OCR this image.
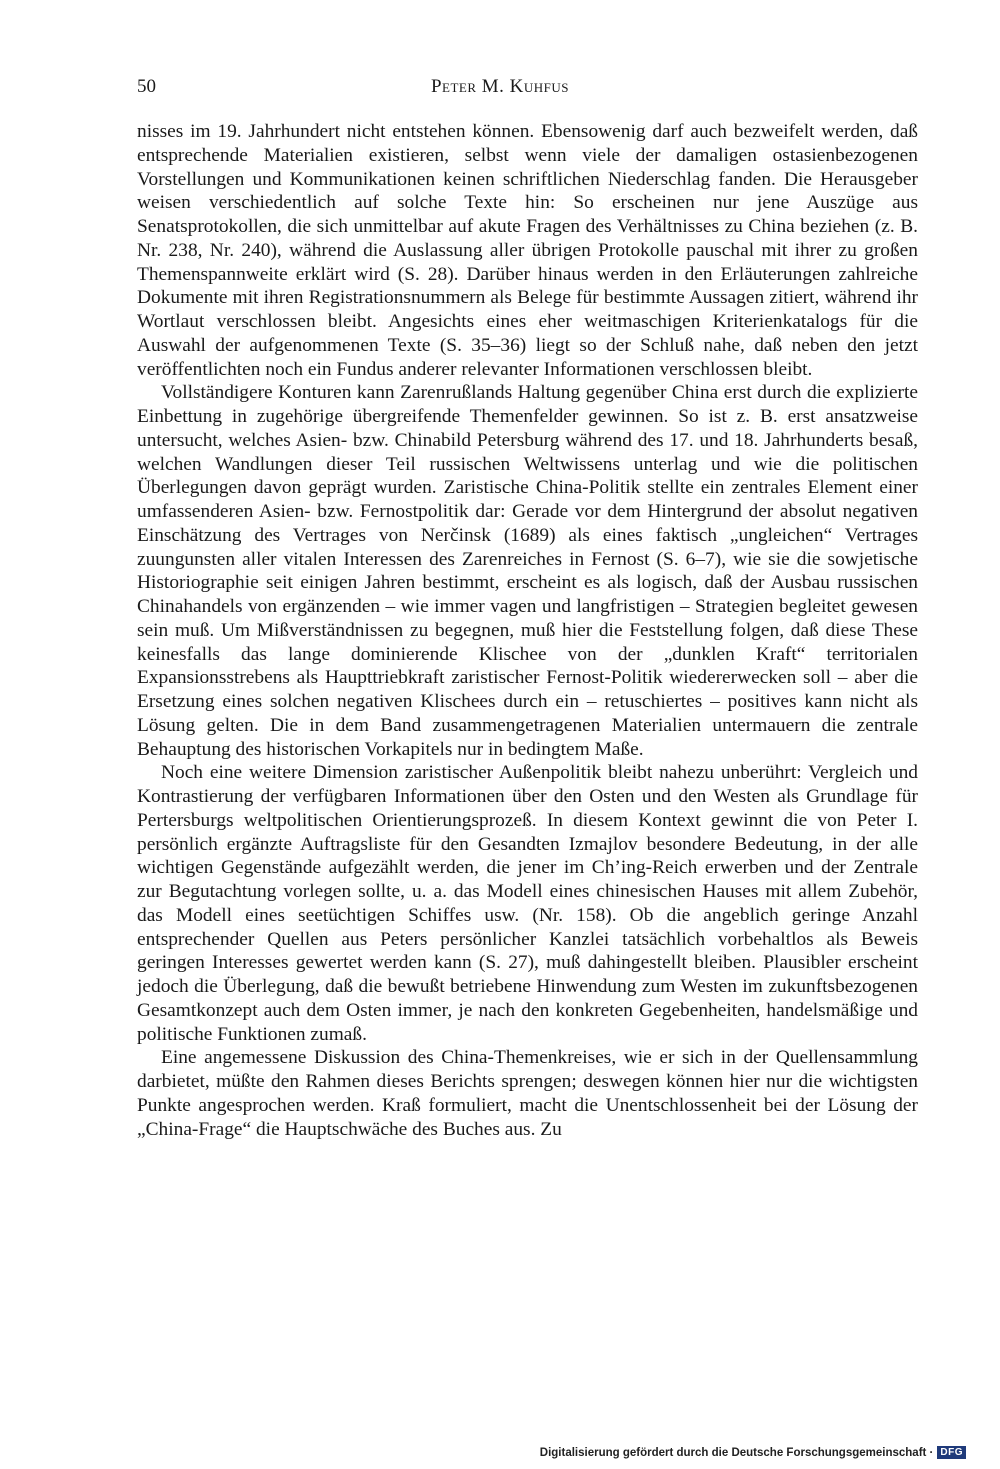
50	Peter M. Kuhfus

nisses im 19. Jahrhundert nicht entstehen können. Ebensowenig darf auch bezweifelt werden, daß entsprechende Materialien existieren, selbst wenn viele der damaligen ostasienbezogenen Vorstellungen und Kommunikationen keinen schriftlichen Niederschlag fanden. Die Herausgeber weisen verschiedentlich auf solche Texte hin: So erscheinen nur jene Auszüge aus Senatsprotokollen, die sich unmittelbar auf akute Fragen des Verhältnisses zu China beziehen (z. B. Nr. 238, Nr. 240), während die Auslassung aller übrigen Protokolle pauschal mit ihrer zu großen Themenspannweite erklärt wird (S. 28). Darüber hinaus werden in den Erläuterungen zahlreiche Dokumente mit ihren Registrationsnummern als Belege für bestimmte Aussagen zitiert, während ihr Wortlaut verschlossen bleibt. Angesichts eines eher weitmaschigen Kriterienkatalogs für die Auswahl der aufgenommenen Texte (S. 35–36) liegt so der Schluß nahe, daß neben den jetzt veröffentlichten noch ein Fundus anderer relevanter Informationen verschlossen bleibt.

Vollständigere Konturen kann Zarenrußlands Haltung gegenüber China erst durch die explizierte Einbettung in zugehörige übergreifende Themenfelder gewinnen. So ist z. B. erst ansatzweise untersucht, welches Asien- bzw. Chinabild Petersburg während des 17. und 18. Jahrhunderts besaß, welchen Wandlungen dieser Teil russischen Weltwissens unterlag und wie die politischen Überlegungen davon geprägt wurden. Zaristische China-Politik stellte ein zentrales Element einer umfassenderen Asien- bzw. Fernostpolitik dar: Gerade vor dem Hintergrund der absolut negativen Einschätzung des Vertrages von Nerčinsk (1689) als eines faktisch „ungleichen“ Vertrages zuungunsten aller vitalen Interessen des Zarenreiches in Fernost (S. 6–7), wie sie die sowjetische Historiographie seit einigen Jahren bestimmt, erscheint es als logisch, daß der Ausbau russischen Chinahandels von ergänzenden – wie immer vagen und langfristigen – Strategien begleitet gewesen sein muß. Um Mißverständnissen zu begegnen, muß hier die Feststellung folgen, daß diese These keinesfalls das lange dominierende Klischee von der „dunklen Kraft“ territorialen Expansionsstrebens als Haupttriebkraft zaristischer Fernost-Politik wiedererwecken soll – aber die Ersetzung eines solchen negativen Klischees durch ein – retuschiertes – positives kann nicht als Lösung gelten. Die in dem Band zusammengetragenen Materialien untermauern die zentrale Behauptung des historischen Vorkapitels nur in bedingtem Maße.

Noch eine weitere Dimension zaristischer Außenpolitik bleibt nahezu unberührt: Vergleich und Kontrastierung der verfügbaren Informationen über den Osten und den Westen als Grundlage für Pertersburgs weltpolitischen Orientierungsprozeß. In diesem Kontext gewinnt die von Peter I. persönlich ergänzte Auftragsliste für den Gesandten Izmajlov besondere Bedeutung, in der alle wichtigen Gegenstände aufgezählt werden, die jener im Ch’ing-Reich erwerben und der Zentrale zur Begutachtung vorlegen sollte, u. a. das Modell eines chinesischen Hauses mit allem Zubehör, das Modell eines seetüchtigen Schiffes usw. (Nr. 158). Ob die angeblich geringe Anzahl entsprechender Quellen aus Peters persönlicher Kanzlei tatsächlich vorbehaltlos als Beweis geringen Interesses gewertet werden kann (S. 27), muß dahingestellt bleiben. Plausibler erscheint jedoch die Überlegung, daß die bewußt betriebene Hinwendung zum Westen im zukunftsbezogenen Gesamtkonzept auch dem Osten immer, je nach den konkreten Gegebenheiten, handelsmäßige und politische Funktionen zumaß.

Eine angemessene Diskussion des China-Themenkreises, wie er sich in der Quellensammlung darbietet, müßte den Rahmen dieses Berichts sprengen; deswegen können hier nur die wichtigsten Punkte angesprochen werden. Kraß formuliert, macht die Unentschlossenheit bei der Lösung der „China-Frage“ die Hauptschwäche des Buches aus. Zu

Digitalisierung gefördert durch die Deutsche Forschungsgemeinschaft · DFG
